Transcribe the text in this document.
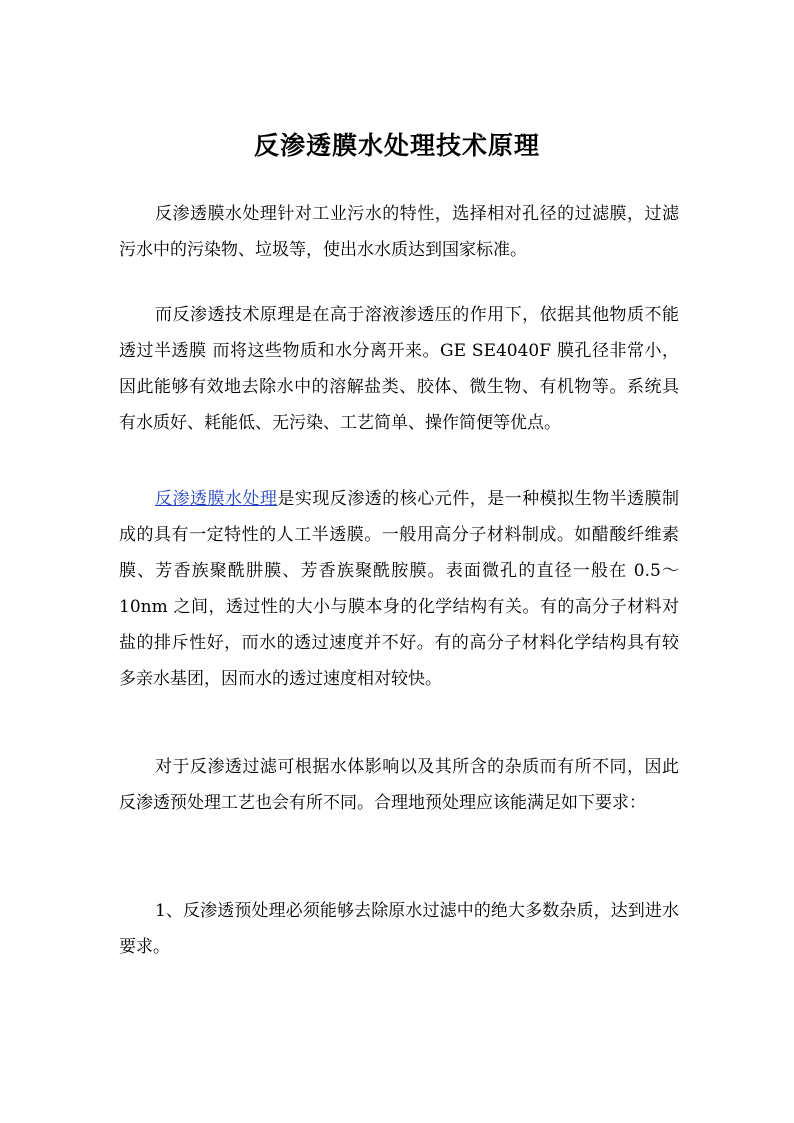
反渗透膜水处理技术原理

反渗透膜水处理针对工业污水的特性，选择相对孔径的过滤膜，过滤污水中的污染物、垃圾等，使出水水质达到国家标准。

而反渗透技术原理是在高于溶液渗透压的作用下，依据其他物质不能透过半透膜 而将这些物质和水分离开来。GE SE4040F 膜孔径非常小，因此能够有效地去除水中的溶解盐类、胶体、微生物、有机物等。系统具有水质好、耗能低、无污染、工艺简单、操作简便等优点。

反渗透膜水处理是实现反渗透的核心元件，是一种模拟生物半透膜制成的具有一定特性的人工半透膜。一般用高分子材料制成。如醋酸纤维素膜、芳香族聚酰肼膜、芳香族聚酰胺膜。表面微孔的直径一般在 0.5～10nm 之间，透过性的大小与膜本身的化学结构有关。有的高分子材料对盐的排斥性好，而水的透过速度并不好。有的高分子材料化学结构具有较多亲水基团，因而水的透过速度相对较快。

对于反渗透过滤可根据水体影响以及其所含的杂质而有所不同，因此反渗透预处理工艺也会有所不同。合理地预处理应该能满足如下要求：

1、反渗透预处理必须能够去除原水过滤中的绝大多数杂质，达到进水要求。
